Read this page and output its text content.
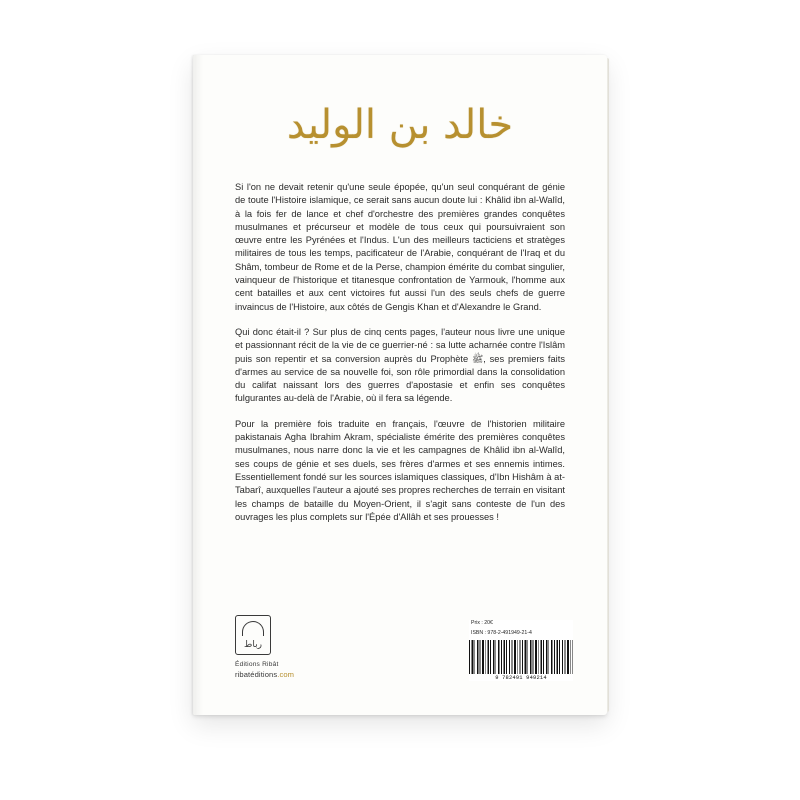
خالد بن الوليد

Si l'on ne devait retenir qu'une seule épopée, qu'un seul conquérant de génie de toute l'Histoire islamique, ce serait sans aucun doute lui : Khâlid ibn al-Walîd, à la fois fer de lance et chef d'orchestre des premières grandes conquêtes musulmanes et précurseur et modèle de tous ceux qui poursuivraient son œuvre entre les Pyrénées et l'Indus. L'un des meilleurs tacticiens et stratèges militaires de tous les temps, pacificateur de l'Arabie, conquérant de l'Iraq et du Shâm, tombeur de Rome et de la Perse, champion émérite du combat singulier, vainqueur de l'historique et titanesque confrontation de Yarmouk, l'homme aux cent batailles et aux cent victoires fut aussi l'un des seuls chefs de guerre invaincus de l'Histoire, aux côtés de Gengis Khan et d'Alexandre le Grand.

Qui donc était-il ? Sur plus de cinq cents pages, l'auteur nous livre une unique et passionnant récit de la vie de ce guerrier-né : sa lutte acharnée contre l'Islâm puis son repentir et sa conversion auprès du Prophète ﷺ, ses premiers faits d'armes au service de sa nouvelle foi, son rôle primordial dans la consolidation du califat naissant lors des guerres d'apostasie et enfin ses conquêtes fulgurantes au-delà de l'Arabie, où il fera sa légende.

Pour la première fois traduite en français, l'œuvre de l'historien militaire pakistanais Agha Ibrahim Akram, spécialiste émérite des premières conquêtes musulmanes, nous narre donc la vie et les campagnes de Khâlid ibn al-Walîd, ses coups de génie et ses duels, ses frères d'armes et ses ennemis intimes. Essentiellement fondé sur les sources islamiques classiques, d'Ibn Hishâm à at-Tabarî, auxquelles l'auteur a ajouté ses propres recherches de terrain en visitant les champs de bataille du Moyen-Orient, il s'agit sans conteste de l'un des ouvrages les plus complets sur l'Épée d'Allâh et ses prouesses !

رباط
Éditions Ribât
ribatéditions.com
Prix : 20€
ISBN : 978-2-491949-21-4
9 782491 949214
